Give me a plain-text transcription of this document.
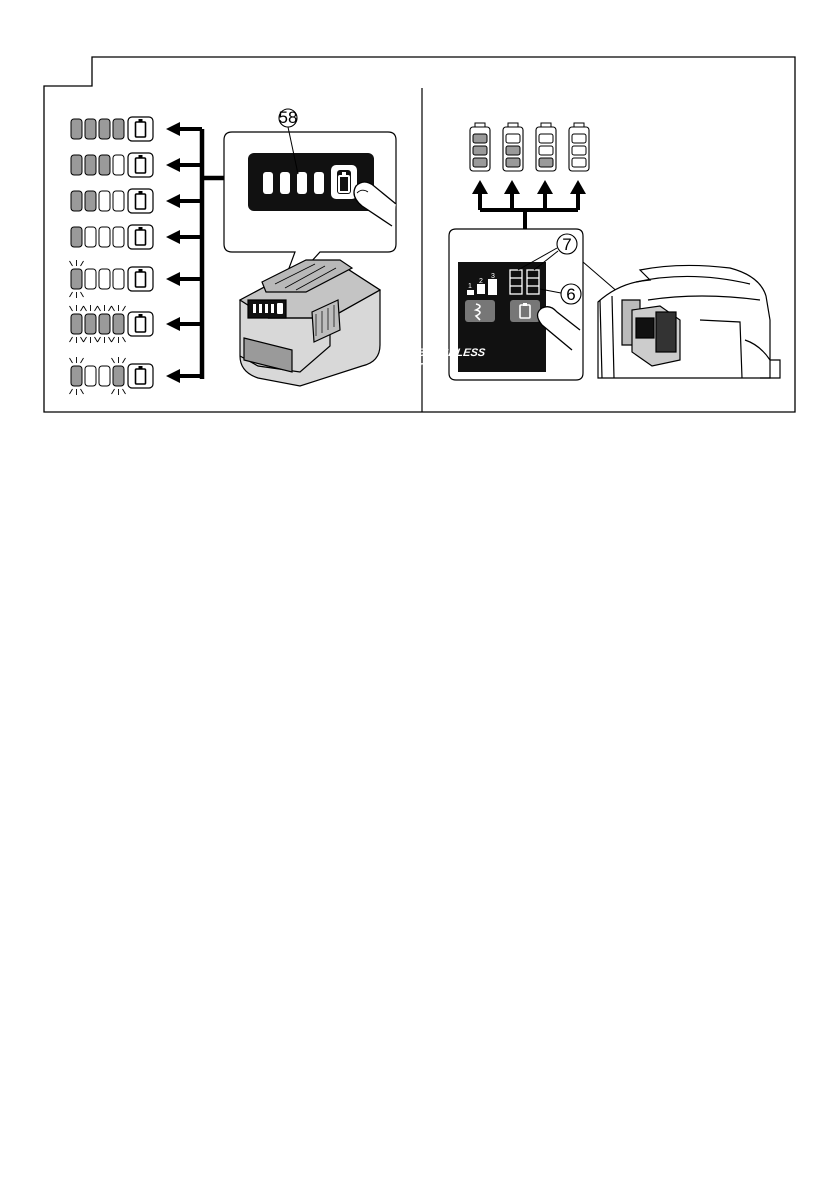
58
1
2
3
BRUSHLESS
AT
7
6
